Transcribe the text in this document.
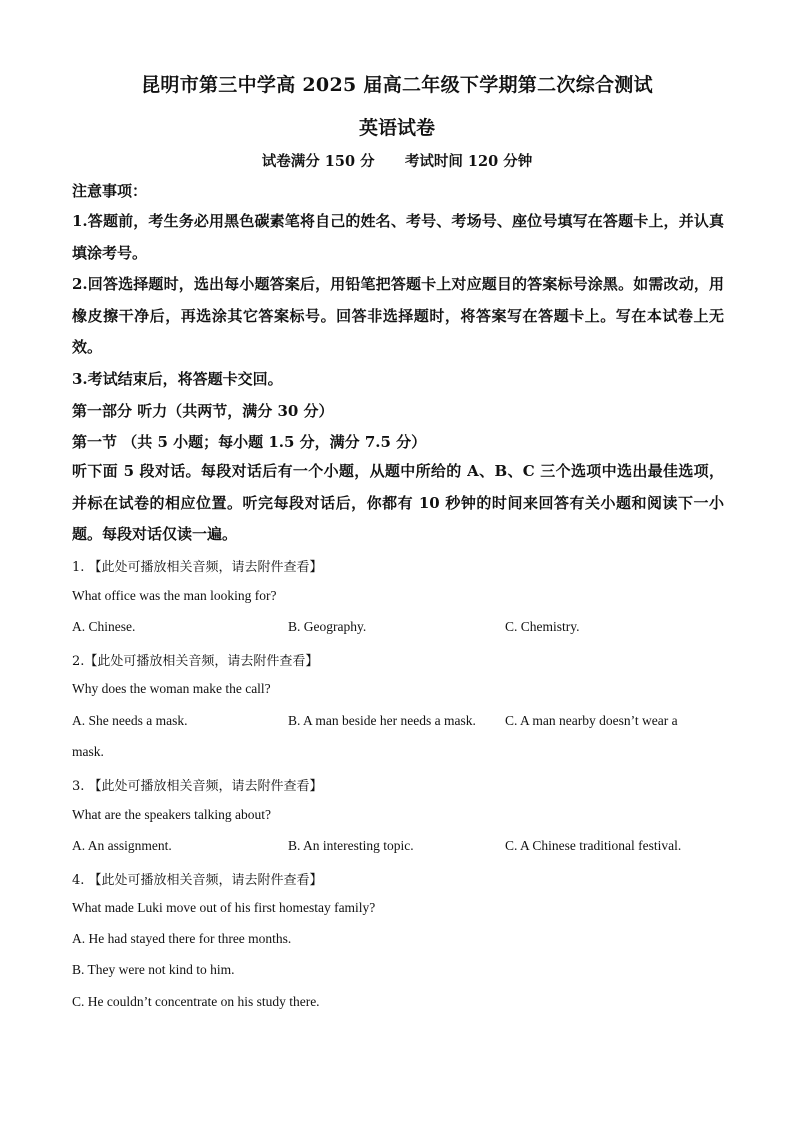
昆明市第三中学高 2025 届高二年级下学期第二次综合测试
英语试卷
试卷满分 150 分      考试时间 120 分钟
注意事项：
1.答题前，考生务必用黑色碳素笔将自己的姓名、考号、考场号、座位号填写在答题卡上，并认真填涂考号。
2.回答选择题时，选出每小题答案后，用铅笔把答题卡上对应题目的答案标号涂黑。如需改动，用橡皮擦干净后，再选涂其它答案标号。回答非选择题时，将答案写在答题卡上。写在本试卷上无效。
3.考试结束后，将答题卡交回。
第一部分 听力（共两节，满分 30 分）
第一节 （共 5 小题；每小题 1.5 分，满分 7.5 分）
听下面 5 段对话。每段对话后有一个小题，从题中所给的 A、B、C 三个选项中选出最佳选项，并标在试卷的相应位置。听完每段对话后，你都有 10 秒钟的时间来回答有关小题和阅读下一小题。每段对话仅读一遍。
1. 【此处可播放相关音频，请去附件查看】
What office was the man looking for?
A. Chinese.	B. Geography.	C. Chemistry.
2.【此处可播放相关音频，请去附件查看】
Why does the woman make the call?
A. She needs a mask.	B. A man beside her needs a mask. C. A man nearby doesn’t wear a
mask.
3. 【此处可播放相关音频，请去附件查看】
What are the speakers talking about?
A. An assignment.	B. An interesting topic.	C. A Chinese traditional festival.
4. 【此处可播放相关音频，请去附件查看】
What made Luki move out of his first homestay family?
A. He had stayed there for three months.
B. They were not kind to him.
C. He couldn’t concentrate on his study there.
